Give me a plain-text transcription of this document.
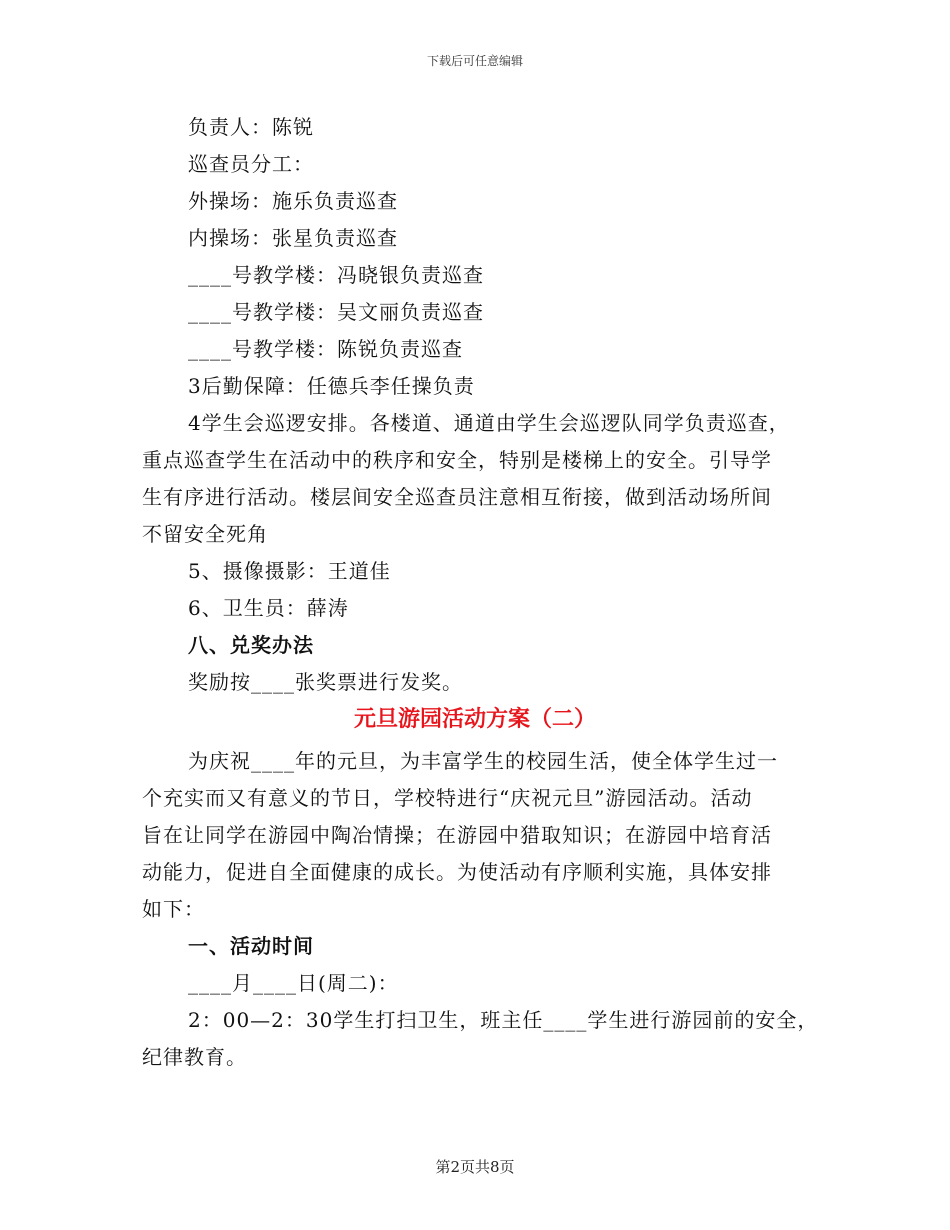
下载后可任意编辑
负责人：陈锐
巡查员分工：
外操场：施乐负责巡查
内操场：张星负责巡查
____号教学楼：冯晓银负责巡查
____号教学楼：吴文丽负责巡查
____号教学楼：陈锐负责巡查
3后勤保障：任德兵李任操负责
4学生会巡逻安排。各楼道、通道由学生会巡逻队同学负责巡查，
重点巡查学生在活动中的秩序和安全，特别是楼梯上的安全。引导学
生有序进行活动。楼层间安全巡查员注意相互衔接，做到活动场所间
不留安全死角
5、摄像摄影：王道佳
6、卫生员：薛涛
八、兑奖办法
奖励按____张奖票进行发奖。
元旦游园活动方案（二）
为庆祝____年的元旦，为丰富学生的校园生活，使全体学生过一
个充实而又有意义的节日，学校特进行“庆祝元旦”游园活动。活动
旨在让同学在游园中陶冶情操；在游园中猎取知识；在游园中培育活
动能力，促进自全面健康的成长。为使活动有序顺利实施，具体安排
如下：
一、活动时间
____月____日(周二)：
2：00—2：30学生打扫卫生，班主任____学生进行游园前的安全，
纪律教育。
第2页共8页
